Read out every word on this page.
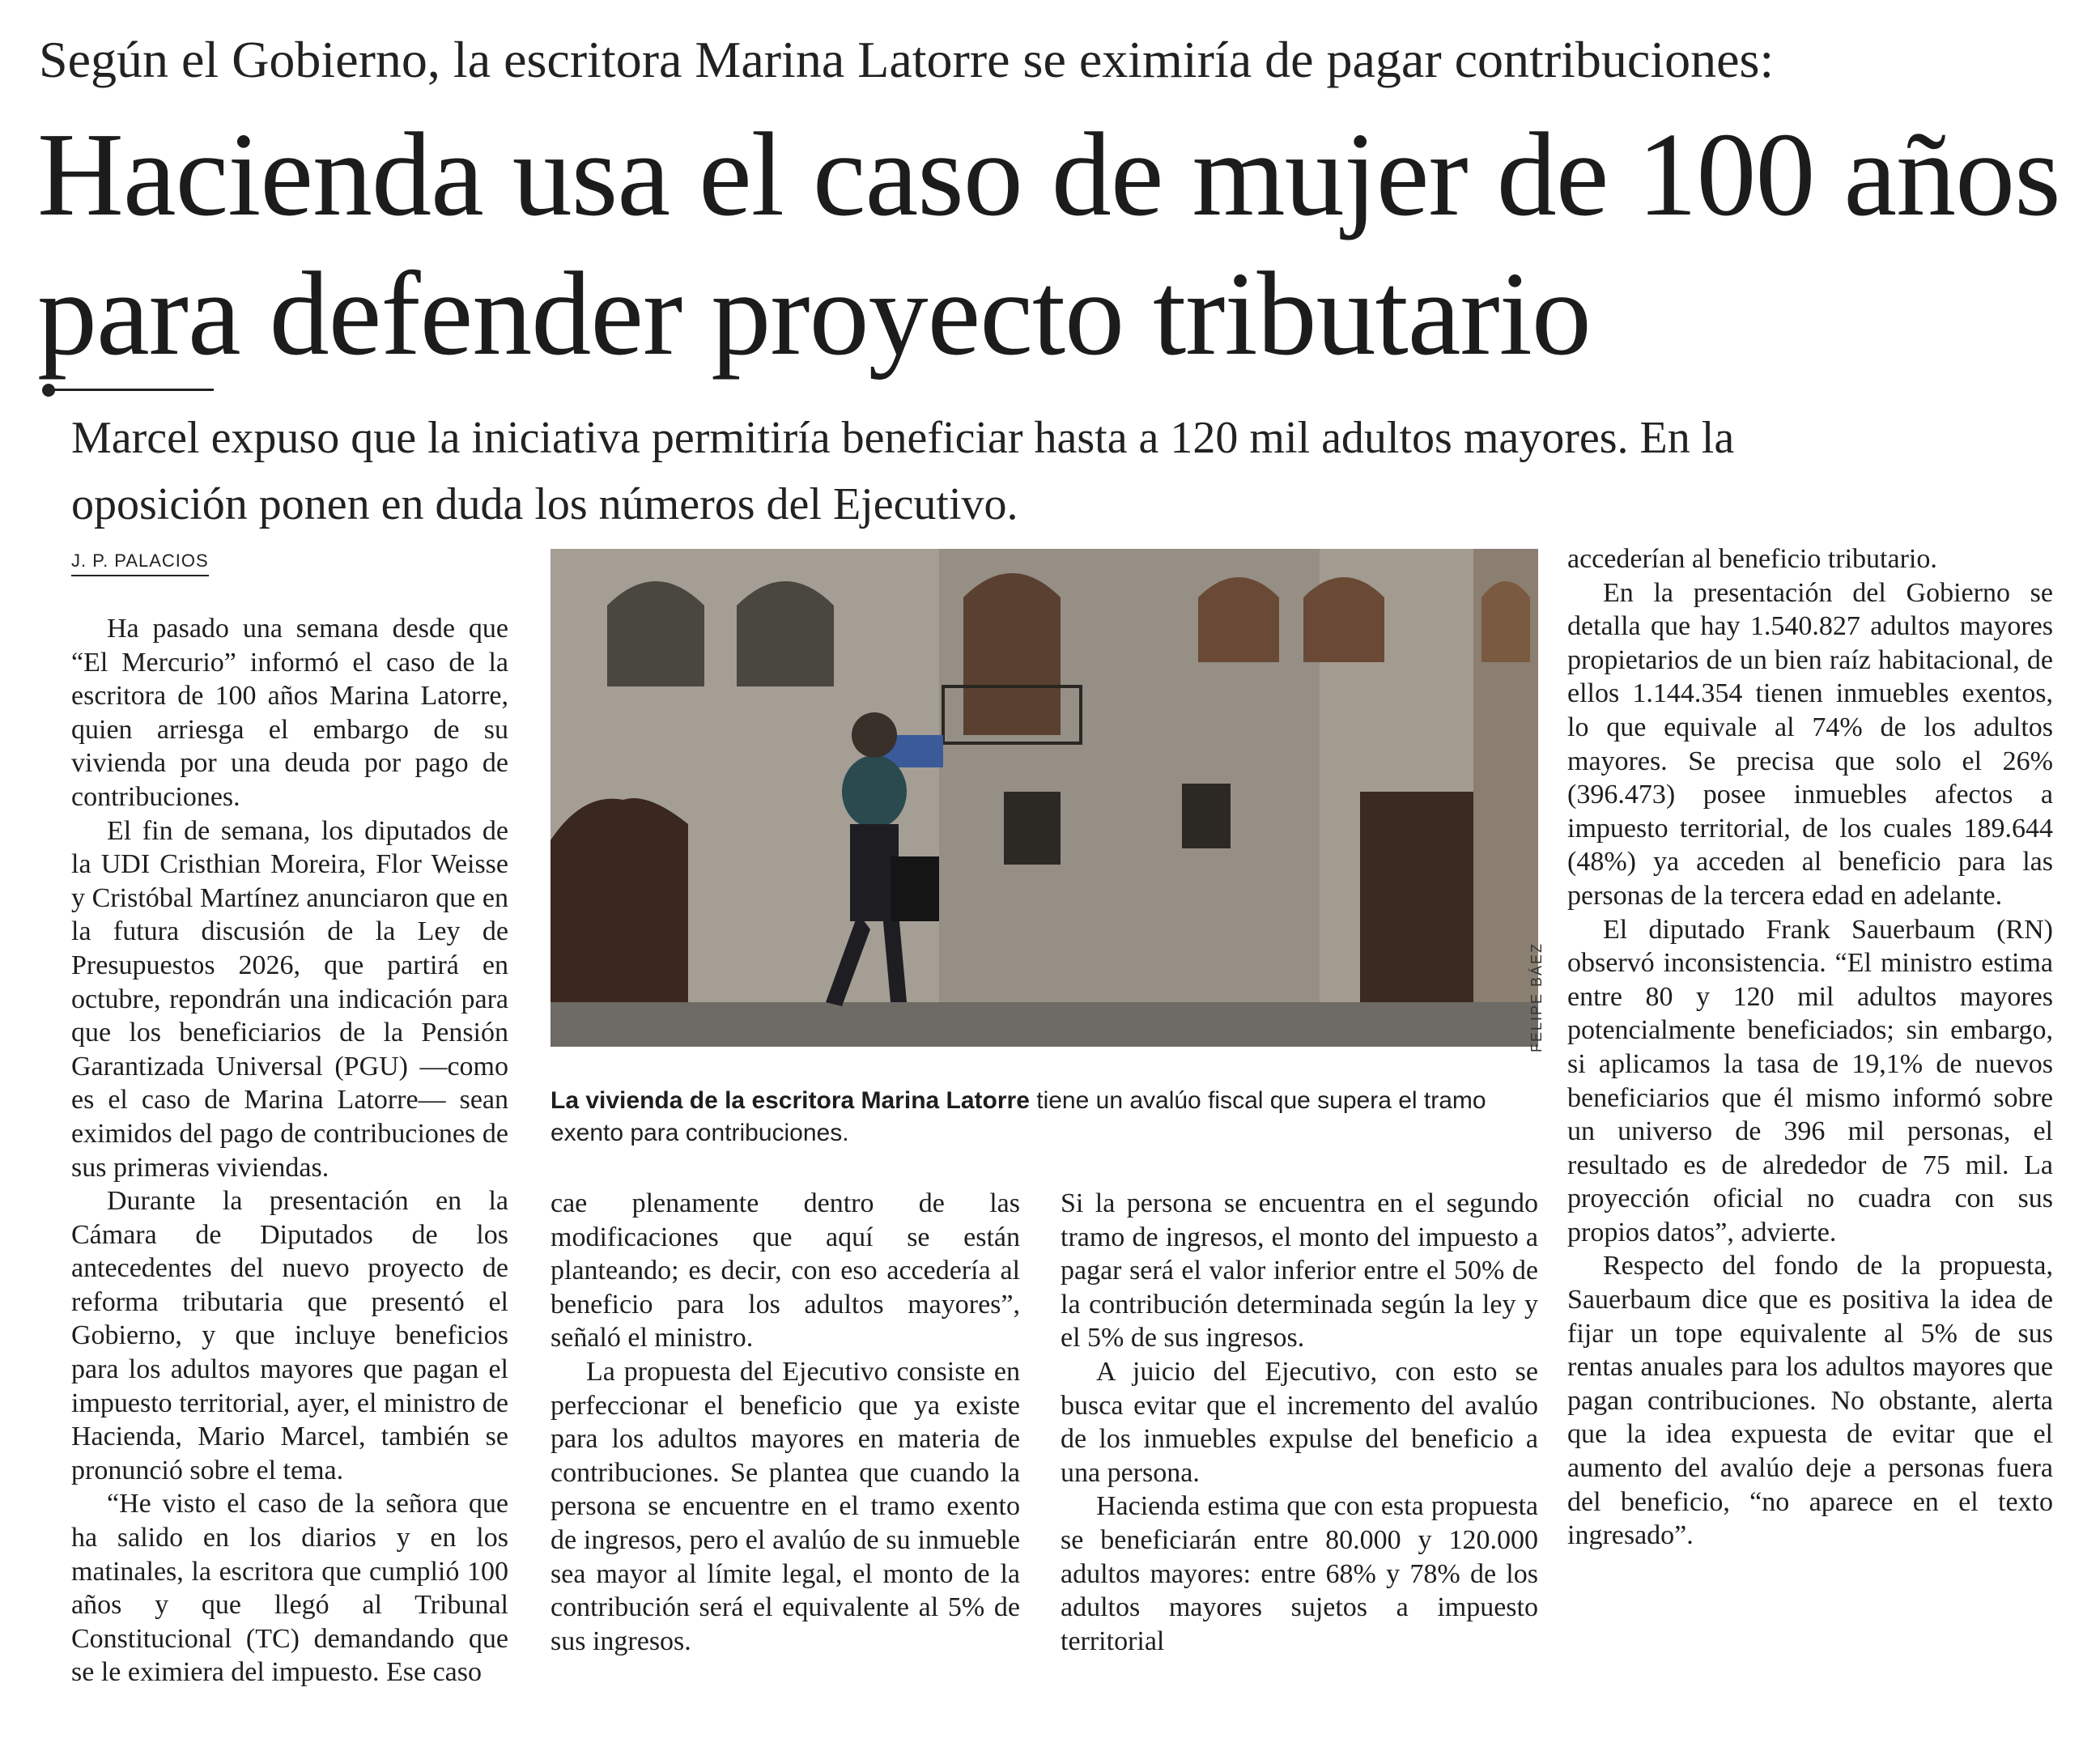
Según el Gobierno, la escritora Marina Latorre se eximiría de pagar contribuciones:
Hacienda usa el caso de mujer de 100 años para defender proyecto tributario
Marcel expuso que la iniciativa permitiría beneficiar hasta a 120 mil adultos mayores. En la oposición ponen en duda los números del Ejecutivo.
J. P. PALACIOS

Ha pasado una semana desde que “El Mercurio” informó el caso de la escritora de 100 años Marina Latorre, quien arriesga el embargo de su vivienda por una deuda por pago de contribuciones.

El fin de semana, los diputados de la UDI Cristhian Moreira, Flor Weisse y Cristóbal Martínez anunciaron que en la futura discusión de la Ley de Presupuestos 2026, que partirá en octubre, repondrán una indicación para que los beneficiarios de la Pensión Garantizada Universal (PGU) —como es el caso de Marina Latorre— sean eximidos del pago de contribuciones de sus primeras viviendas.

Durante la presentación en la Cámara de Diputados de los antecedentes del nuevo proyecto de reforma tributaria que presentó el Gobierno, y que incluye beneficios para los adultos mayores que pagan el impuesto territorial, ayer, el ministro de Hacienda, Mario Marcel, también se pronunció sobre el tema.

“He visto el caso de la señora que ha salido en los diarios y en los matinales, la escritora que cumplió 100 años y que llegó al Tribunal Constitucional (TC) demandando que se le eximiera del impuesto. Ese caso

FELIPE BÁEZ
La vivienda de la escritora Marina Latorre tiene un avalúo fiscal que supera el tramo exento para contribuciones.

cae plenamente dentro de las modificaciones que aquí se están planteando; es decir, con eso accedería al beneficio para los adultos mayores”, señaló el ministro.

La propuesta del Ejecutivo consiste en perfeccionar el beneficio que ya existe para los adultos mayores en materia de contribuciones. Se plantea que cuando la persona se encuentre en el tramo exento de ingresos, pero el avalúo de su inmueble sea mayor al límite legal, el monto de la contribución será el equivalente al 5% de sus ingresos.

Si la persona se encuentra en el segundo tramo de ingresos, el monto del impuesto a pagar será el valor inferior entre el 50% de la contribución determinada según la ley y el 5% de sus ingresos.

A juicio del Ejecutivo, con esto se busca evitar que el incremento del avalúo de los inmuebles expulse del beneficio a una persona.

Hacienda estima que con esta propuesta se beneficiarán entre 80.000 y 120.000 adultos mayores: entre 68% y 78% de los adultos mayores sujetos a impuesto territorial

accederían al beneficio tributario.

En la presentación del Gobierno se detalla que hay 1.540.827 adultos mayores propietarios de un bien raíz habitacional, de ellos 1.144.354 tienen inmuebles exentos, lo que equivale al 74% de los adultos mayores. Se precisa que solo el 26% (396.473) posee inmuebles afectos a impuesto territorial, de los cuales 189.644 (48%) ya acceden al beneficio para las personas de la tercera edad en adelante.

El diputado Frank Sauerbaum (RN) observó inconsistencia. “El ministro estima entre 80 y 120 mil adultos mayores potencialmente beneficiados; sin embargo, si aplicamos la tasa de 19,1% de nuevos beneficiarios que él mismo informó sobre un universo de 396 mil personas, el resultado es de alrededor de 75 mil. La proyección oficial no cuadra con sus propios datos”, advierte.

Respecto del fondo de la propuesta, Sauerbaum dice que es positiva la idea de fijar un tope equivalente al 5% de sus rentas anuales para los adultos mayores que pagan contribuciones. No obstante, alerta que la idea expuesta de evitar que el aumento del avalúo deje a personas fuera del beneficio, “no aparece en el texto ingresado”.
